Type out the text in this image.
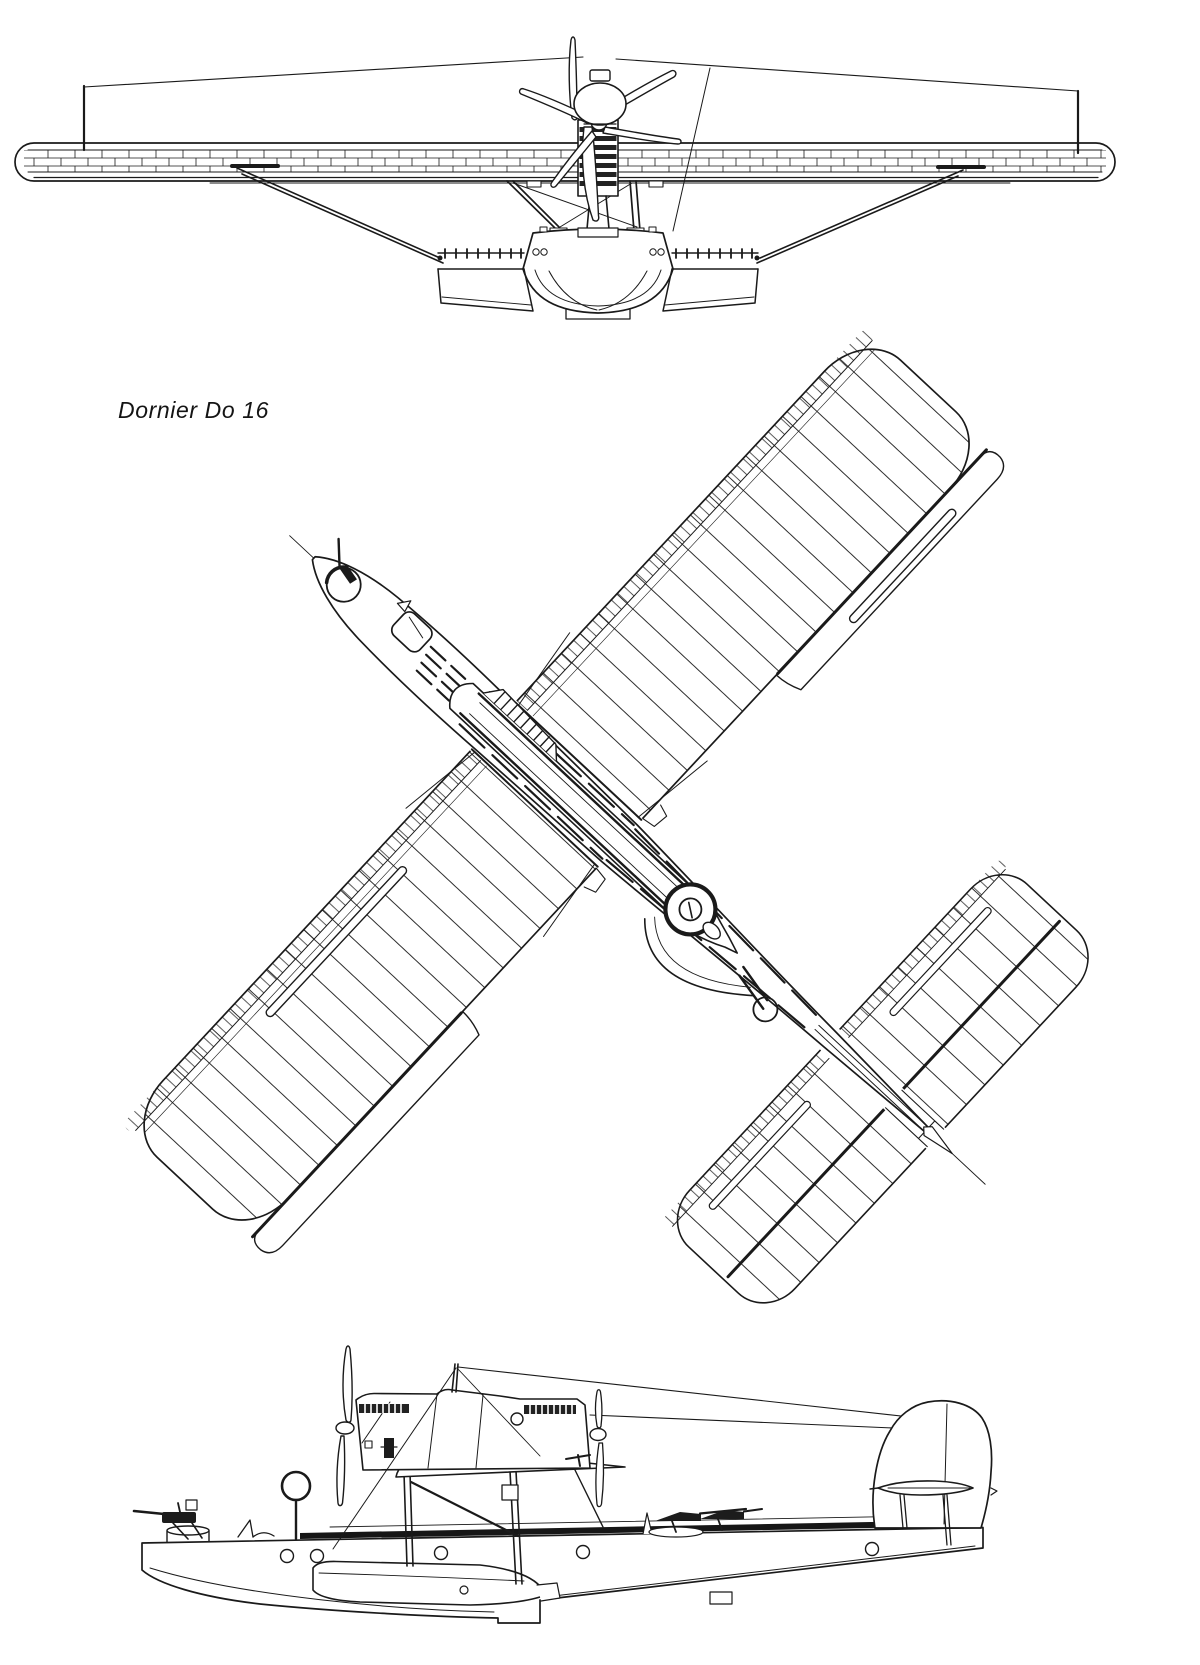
Dornier Do 16
